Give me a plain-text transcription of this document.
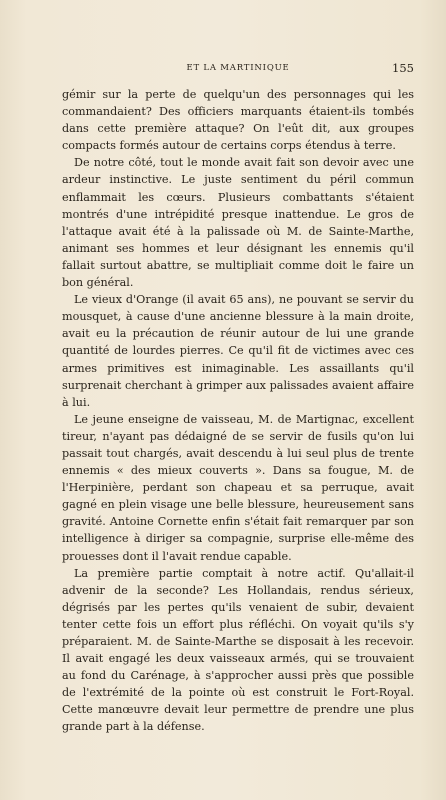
ET LA MARTINIQUE	155

gémir sur la perte de quelqu'un des personnages qui les commandaient? Des officiers marquants étaient-ils tombés dans cette première attaque? On l'eût dit, aux groupes compacts formés autour de certains corps étendus à terre.

De notre côté, tout le monde avait fait son devoir avec une ardeur instinctive. Le juste sentiment du péril commun enflammait les cœurs. Plusieurs combattants s'étaient montrés d'une intrépidité presque inattendue. Le gros de l'attaque avait été à la palissade où M. de Sainte-Marthe, animant ses hommes et leur désignant les ennemis qu'il fallait surtout abattre, se multipliait comme doit le faire un bon général.

Le vieux d'Orange (il avait 65 ans), ne pouvant se servir du mousquet, à cause d'une ancienne blessure à la main droite, avait eu la précaution de réunir autour de lui une grande quantité de lourdes pierres. Ce qu'il fit de victimes avec ces armes primitives est inimaginable. Les assaillants qu'il surprenait cherchant à grimper aux palissades avaient affaire à lui.

Le jeune enseigne de vaisseau, M. de Martignac, excellent tireur, n'ayant pas dédaigné de se servir de fusils qu'on lui passait tout chargés, avait descendu à lui seul plus de trente ennemis « des mieux couverts ». Dans sa fougue, M. de l'Herpinière, perdant son chapeau et sa perruque, avait gagné en plein visage une belle blessure, heureusement sans gravité. Antoine Cornette enfin s'était fait remarquer par son intelligence à diriger sa compagnie, surprise elle-même des prouesses dont il l'avait rendue capable.

La première partie comptait à notre actif. Qu'allait-il advenir de la seconde? Les Hollandais, rendus sérieux, dégrisés par les pertes qu'ils venaient de subir, devaient tenter cette fois un effort plus réfléchi. On voyait qu'ils s'y préparaient. M. de Sainte-Marthe se disposait à les recevoir. Il avait engagé les deux vaisseaux armés, qui se trouvaient au fond du Carénage, à s'approcher aussi près que possible de l'extrémité de la pointe où est construit le Fort-Royal. Cette manœuvre devait leur permettre de prendre une plus grande part à la défense.
